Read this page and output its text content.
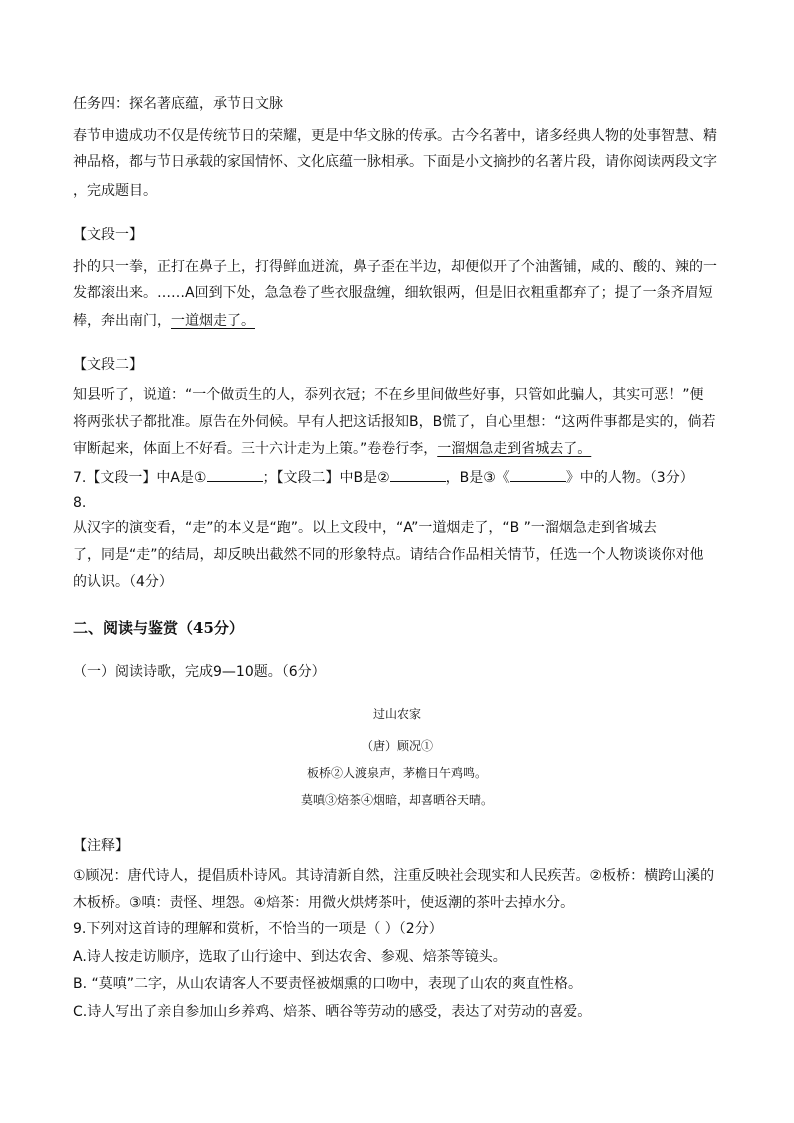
任务四：探名著底蕴，承节日文脉
春节申遗成功不仅是传统节日的荣耀，更是中华文脉的传承。古今名著中，诸多经典人物的处事智慧、精
神品格，都与节日承载的家国情怀、文化底蕴一脉相承。下面是小文摘抄的名著片段，请你阅读两段文字
，完成题目。
【文段一】
扑的只一拳，正打在鼻子上，打得鲜血迸流，鼻子歪在半边，却便似开了个油酱铺，咸的、酸的、辣的一
发都滚出来。……A回到下处，急急卷了些衣服盘缠，细软银两，但是旧衣粗重都弃了；提了一条齐眉短
棒，奔出南门，一道烟走了。
【文段二】
知县听了，说道：“一个做贡生的人，忝列衣冠；不在乡里间做些好事，只管如此骗人，其实可恶！”便
将两张状子都批准。原告在外伺候。早有人把这话报知B，B慌了，自心里想：“这两件事都是实的，倘若
审断起来，体面上不好看。三十六计走为上策。”卷卷行李，一溜烟急走到省城去了。
7.【文段一】中A是①	；【文段二】中B是②	，B是③《	》中的人物。（3分）
8.
从汉字的演变看，“走”的本义是“跑”。以上文段中，“A”一道烟走了，“B ”一溜烟急走到省城去
了，同是“走”的结局，却反映出截然不同的形象特点。请结合作品相关情节，任选一个人物谈谈你对他
的认识。（4分）
二、阅读与鉴赏（45分）
（一）阅读诗歌，完成9—10题。（6分）
过山农家
（唐）顾况①
板桥②人渡泉声，茅檐日午鸡鸣。
莫嗔③焙茶④烟暗，却喜晒谷天晴。
【注释】
①顾况：唐代诗人，提倡质朴诗风。其诗清新自然，注重反映社会现实和人民疾苦。②板桥：横跨山溪的
木板桥。③嗔：责怪、埋怨。④焙茶：用微火烘烤茶叶，使返潮的茶叶去掉水分。
9.下列对这首诗的理解和赏析，不恰当的一项是（ ）（2分）
A.诗人按走访顺序，选取了山行途中、到达农舍、参观、焙茶等镜头。
B. “莫嗔”二字，从山农请客人不要责怪被烟熏的口吻中，表现了山农的爽直性格。
C.诗人写出了亲自参加山乡养鸡、焙茶、晒谷等劳动的感受，表达了对劳动的喜爱。
